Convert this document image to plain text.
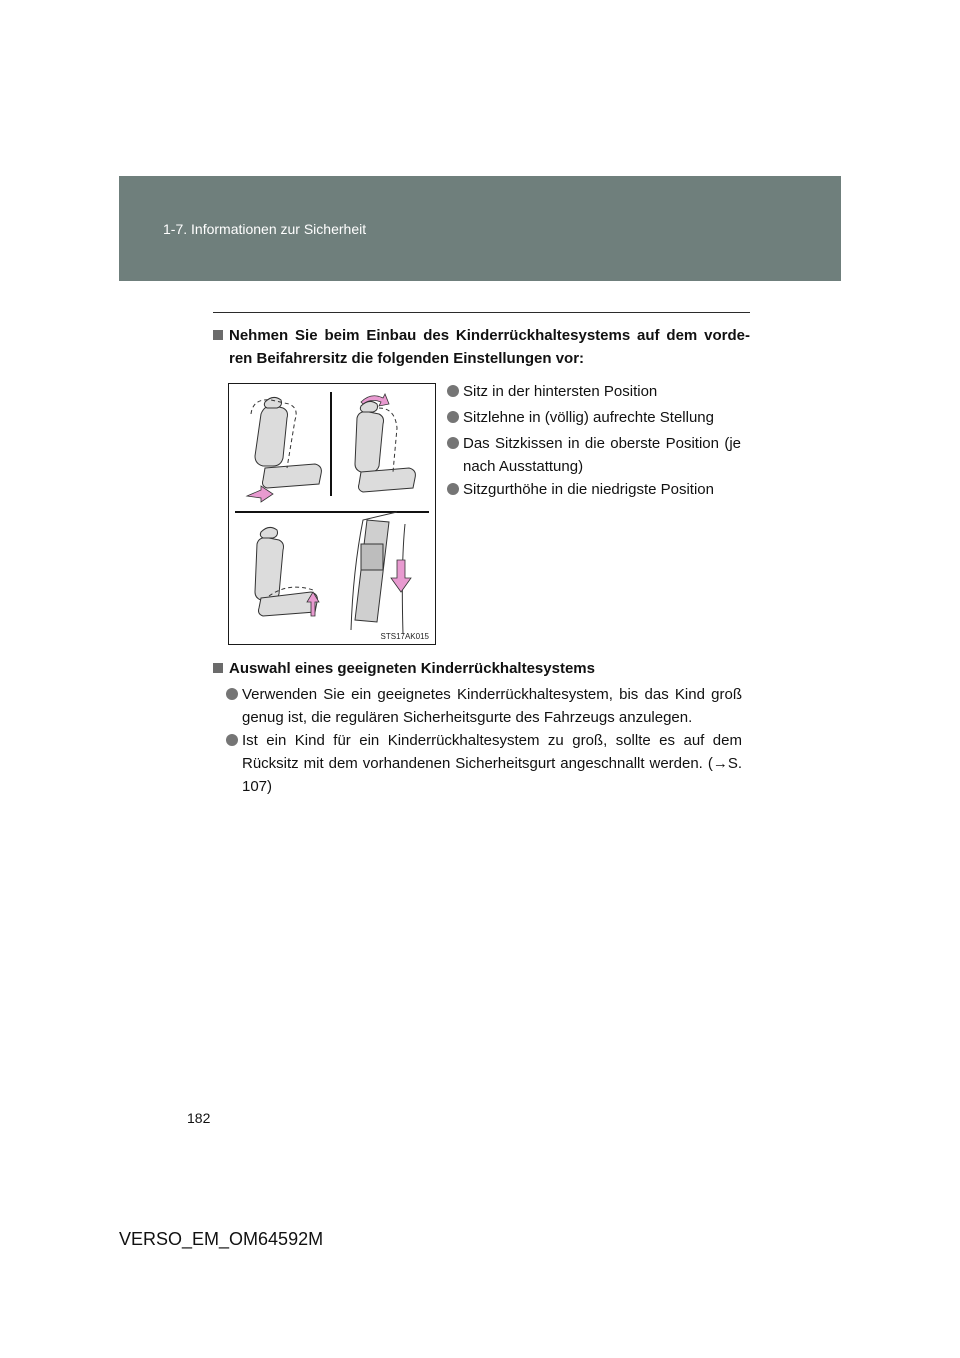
1-7. Informationen zur Sicherheit
Nehmen Sie beim Einbau des Kinderrückhaltesystems auf dem vorde-ren Beifahrersitz die folgenden Einstellungen vor:
STS17AK015
Sitz in der hintersten Position
Sitzlehne in (völlig) aufrechte Stellung
Das Sitzkissen in die oberste Position (je nach Ausstattung)
Sitzgurthöhe in die niedrigste Position
Auswahl eines geeigneten Kinderrückhaltesystems
Verwenden Sie ein geeignetes Kinderrückhaltesystem, bis das Kind groß genug ist, die regulären Sicherheitsgurte des Fahrzeugs anzulegen.
Ist ein Kind für ein Kinderrückhaltesystem zu groß, sollte es auf dem Rücksitz mit dem vorhandenen Sicherheitsgurt angeschnallt werden. (→S. 107)
182
VERSO_EM_OM64592M
